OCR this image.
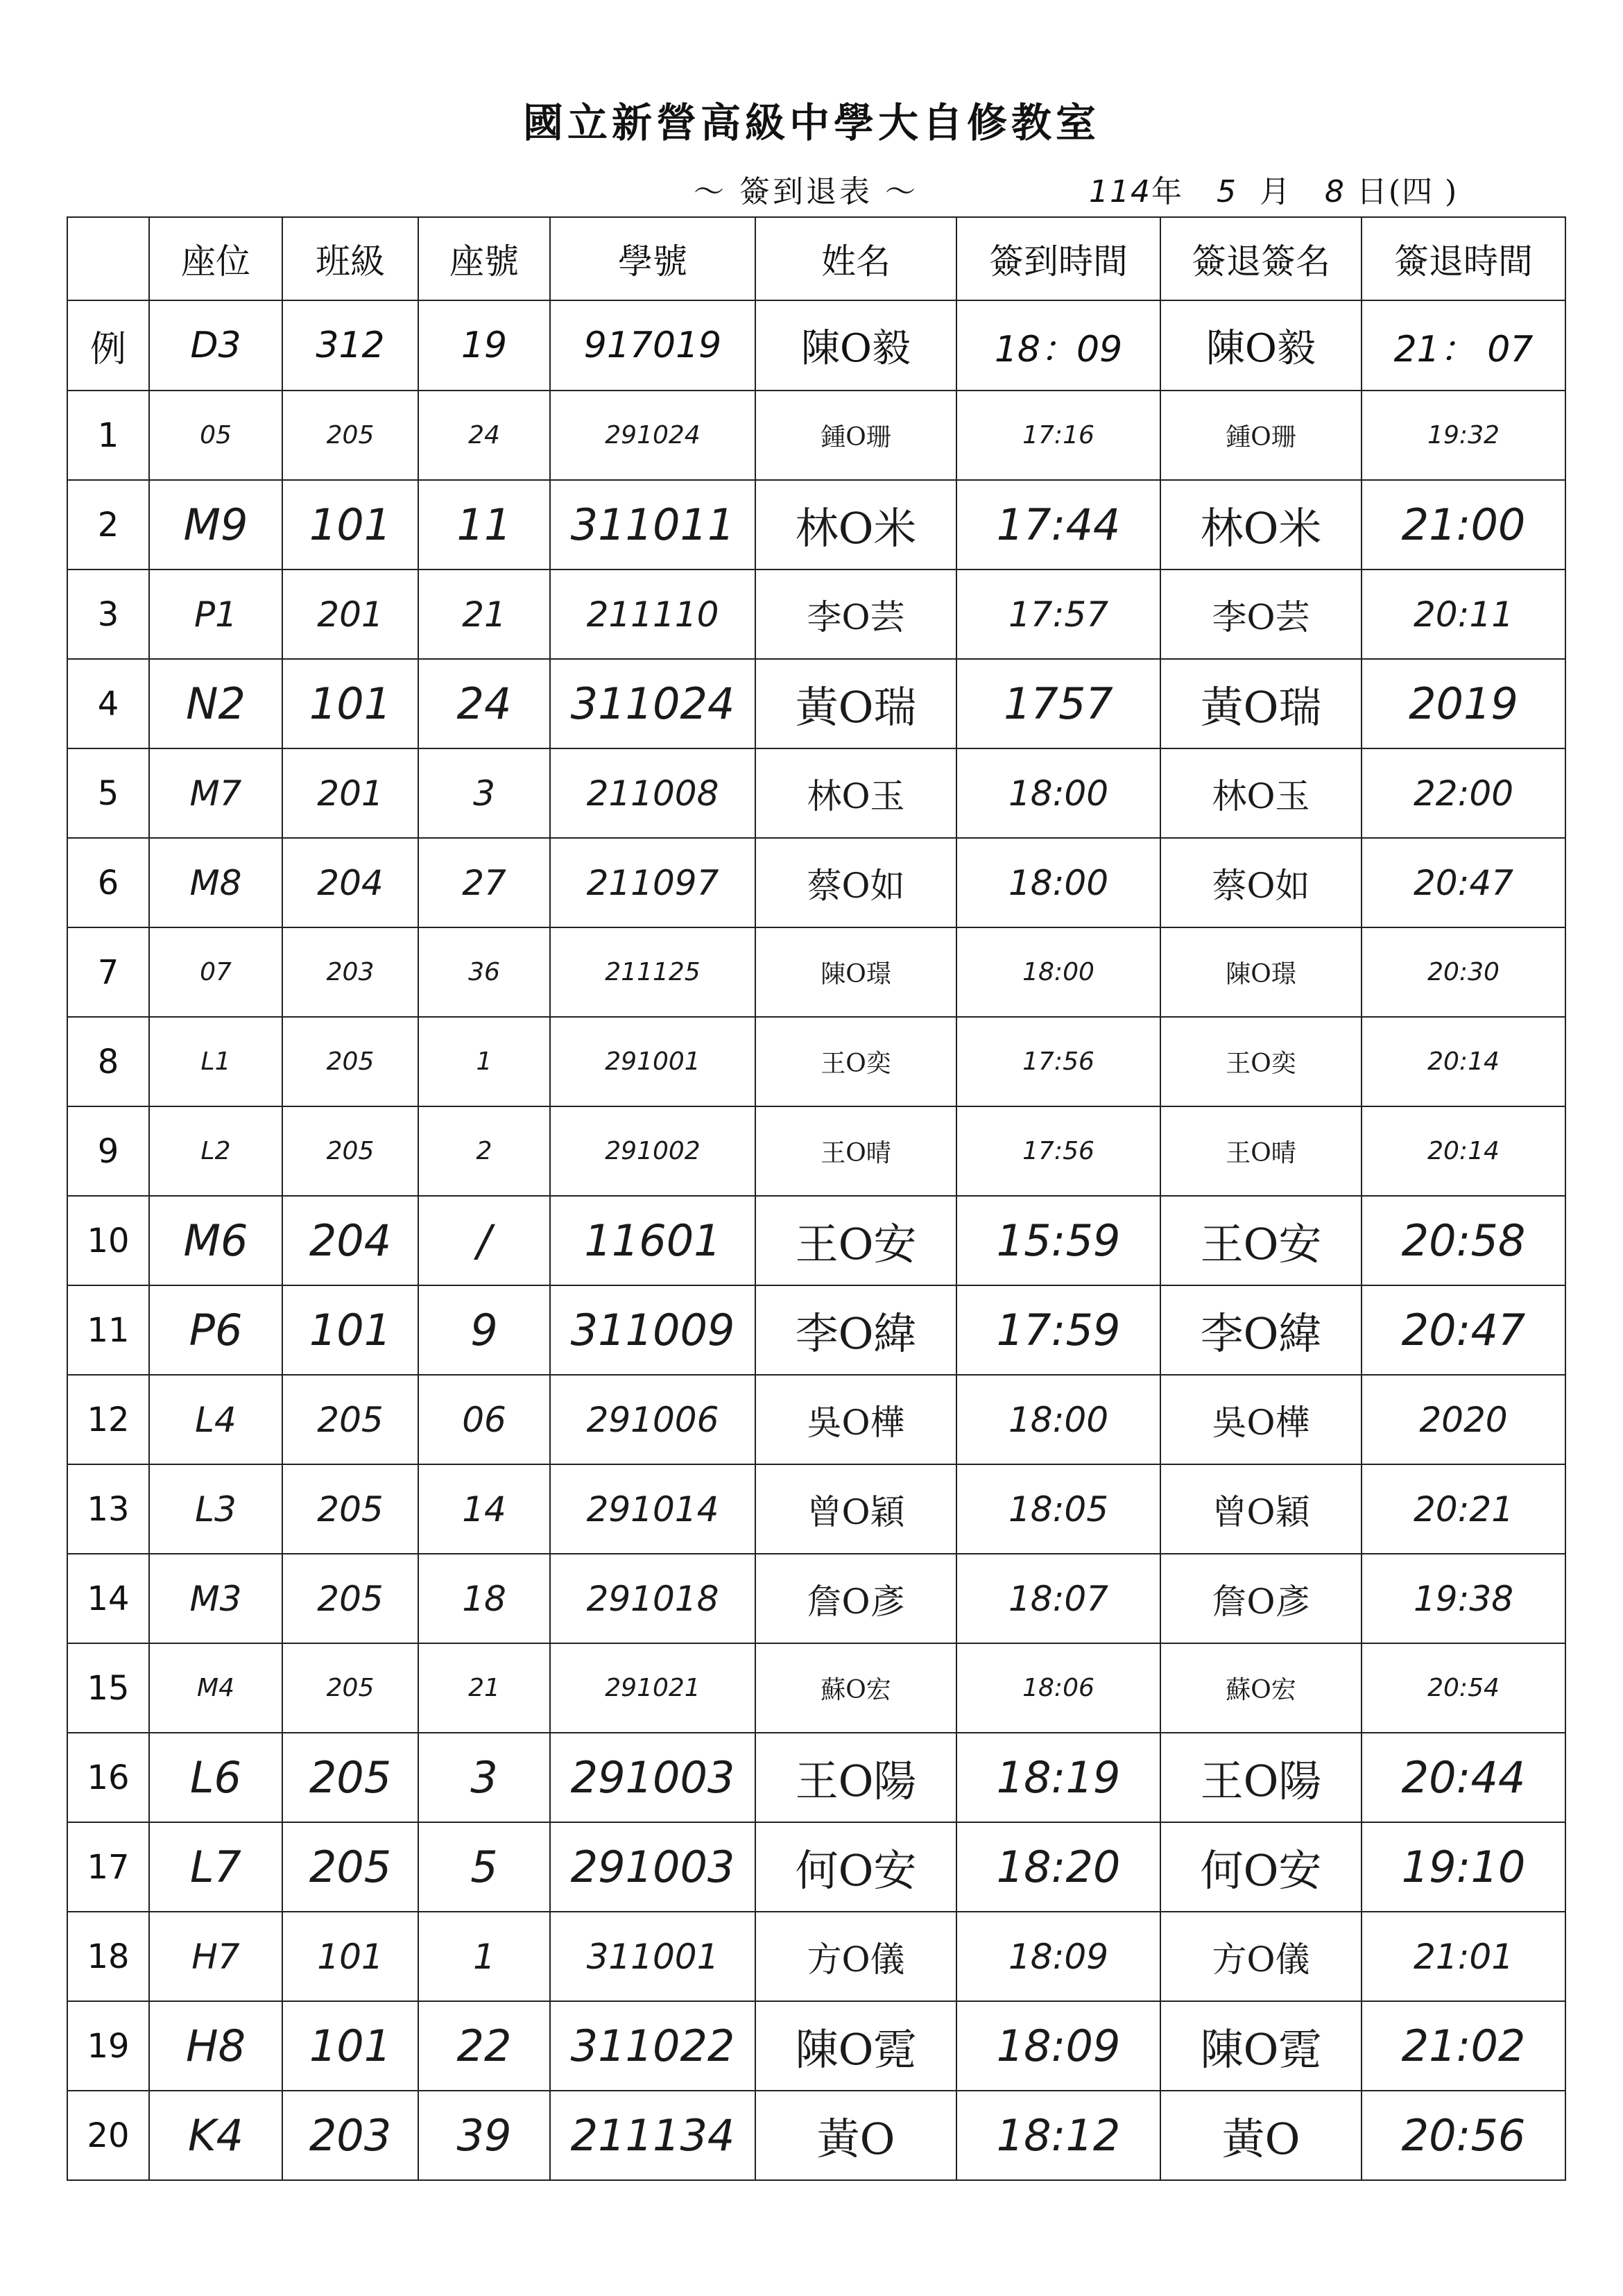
國立新營高級中學大自修教室
～ 簽到退表 ～	114年 5 月 8 日(四 )
	座位	班級	座號	學號	姓名	簽到時間	簽退簽名	簽退時間
例	D3	312	19	917019	陳O毅	18：09	陳O毅	21： 07
1	05	205	24	291024	鍾O珊	17:16	鍾O珊	19:32
2	M9	101	11	311011	林O米	17:44	林O米	21:00
3	P1	201	21	211110	李O芸	17:57	李O芸	20:11
4	N2	101	24	311024	黃O瑞	1757	黃O瑞	2019
5	M7	201	3	211008	林O玉	18:00	林O玉	22:00
6	M8	204	27	211097	蔡O如	18:00	蔡O如	20:47
7	07	203	36	211125	陳O璟	18:00	陳O璟	20:30
8	L1	205	1	291001	王O奕	17:56	王O奕	20:14
9	L2	205	2	291002	王O晴	17:56	王O晴	20:14
10	M6	204	/	11601	王O安	15:59	王O安	20:58
11	P6	101	9	311009	李O緯	17:59	李O緯	20:47
12	L4	205	06	291006	吳O樺	18:00	吳O樺	2020
13	L3	205	14	291014	曾O穎	18:05	曾O穎	20:21
14	M3	205	18	291018	詹O彥	18:07	詹O彥	19:38
15	M4	205	21	291021	蘇O宏	18:06	蘇O宏	20:54
16	L6	205	3	291003	王O陽	18:19	王O陽	20:44
17	L7	205	5	291003	何O安	18:20	何O安	19:10
18	H7	101	1	311001	方O儀	18:09	方O儀	21:01
19	H8	101	22	311022	陳O霓	18:09	陳O霓	21:02
20	K4	203	39	211134	黃O	18:12	黃O	20:56
